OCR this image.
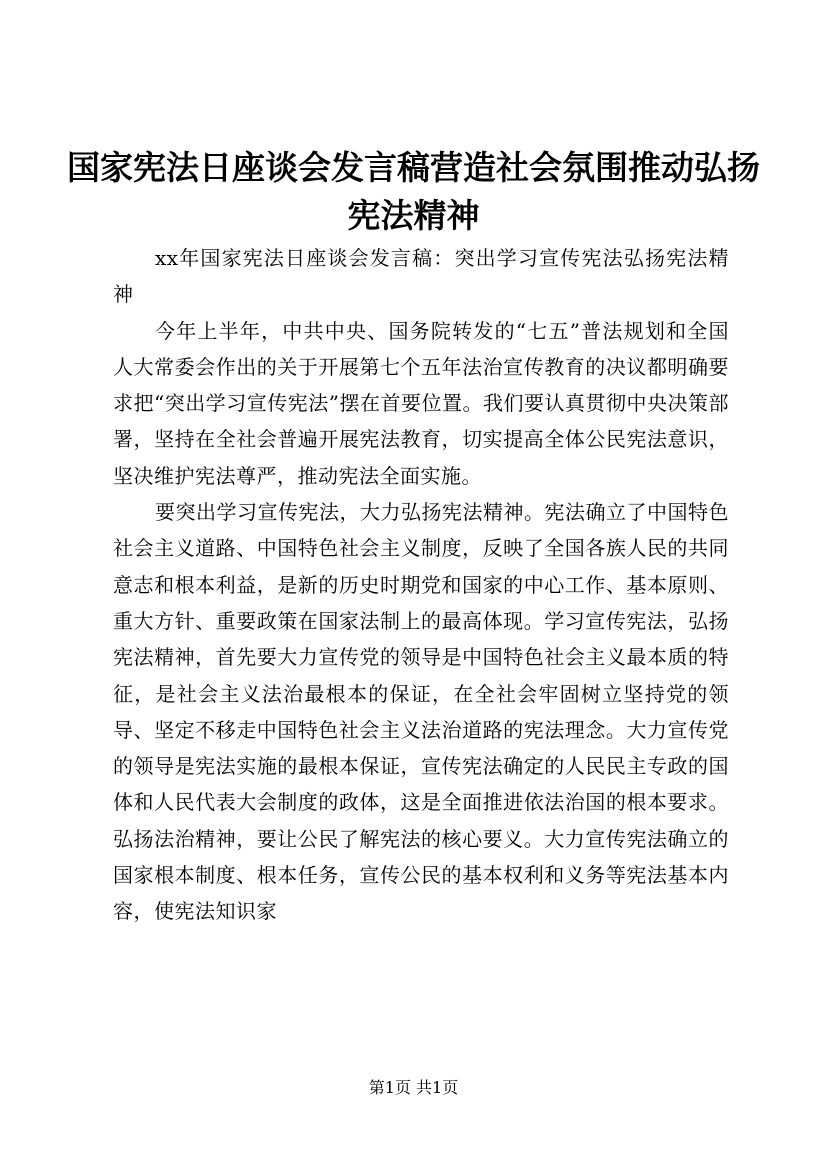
国家宪法日座谈会发言稿营造社会氛围推动弘扬宪法精神

xx年国家宪法日座谈会发言稿：突出学习宣传宪法弘扬宪法精神

今年上半年，中共中央、国务院转发的“七五”普法规划和全国人大常委会作出的关于开展第七个五年法治宣传教育的决议都明确要求把“突出学习宣传宪法”摆在首要位置。我们要认真贯彻中央决策部署，坚持在全社会普遍开展宪法教育，切实提高全体公民宪法意识，坚决维护宪法尊严，推动宪法全面实施。

要突出学习宣传宪法，大力弘扬宪法精神。宪法确立了中国特色社会主义道路、中国特色社会主义制度，反映了全国各族人民的共同意志和根本利益，是新的历史时期党和国家的中心工作、基本原则、重大方针、重要政策在国家法制上的最高体现。学习宣传宪法，弘扬宪法精神，首先要大力宣传党的领导是中国特色社会主义最本质的特征，是社会主义法治最根本的保证，在全社会牢固树立坚持党的领导、坚定不移走中国特色社会主义法治道路的宪法理念。大力宣传党的领导是宪法实施的最根本保证，宣传宪法确定的人民民主专政的国体和人民代表大会制度的政体，这是全面推进依法治国的根本要求。弘扬法治精神，要让公民了解宪法的核心要义。大力宣传宪法确立的国家根本制度、根本任务，宣传公民的基本权利和义务等宪法基本内容，使宪法知识家

第1页 共1页
